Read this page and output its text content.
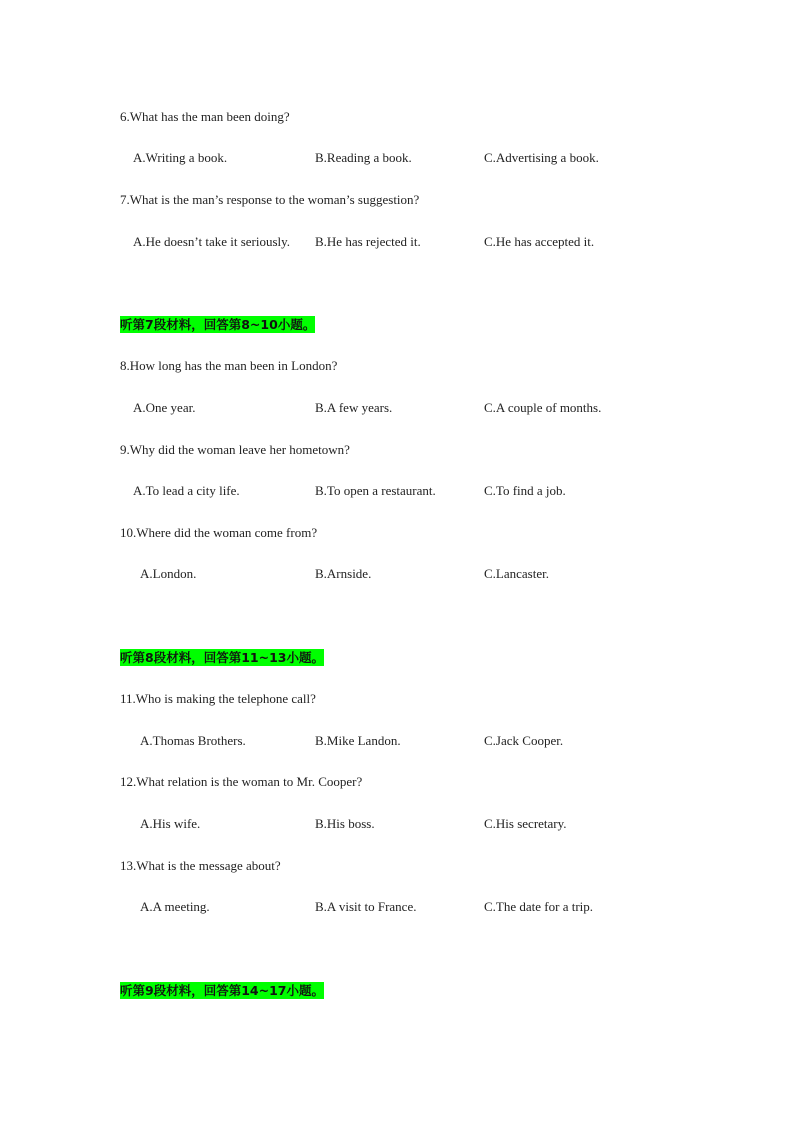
6.What has the man been doing?
A.Writing a book.	B.Reading a book.	C.Advertising a book.
7.What is the man’s response to the woman’s suggestion?
A.He doesn’t take it seriously. B.He has rejected it.	C.He has accepted it.
听第7段材料，回答第8~10小题。
8.How long has the man been in London?
A.One year.	B.A few years.	C.A couple of months.
9.Why did the woman leave her hometown?
A.To lead a city life.	B.To open a restaurant.	C.To find a job.
10.Where did the woman come from?
A.London.	B.Arnside.	C.Lancaster.
听第8段材料，回答第11~13小题。
11.Who is making the telephone call?
A.Thomas Brothers.	B.Mike Landon.	C.Jack Cooper.
12.What relation is the woman to Mr. Cooper?
A.His wife.	B.His boss.	C.His secretary.
13.What is the message about?
A.A meeting.	B.A visit to France.	C.The date for a trip.
听第9段材料，回答第14~17小题。
